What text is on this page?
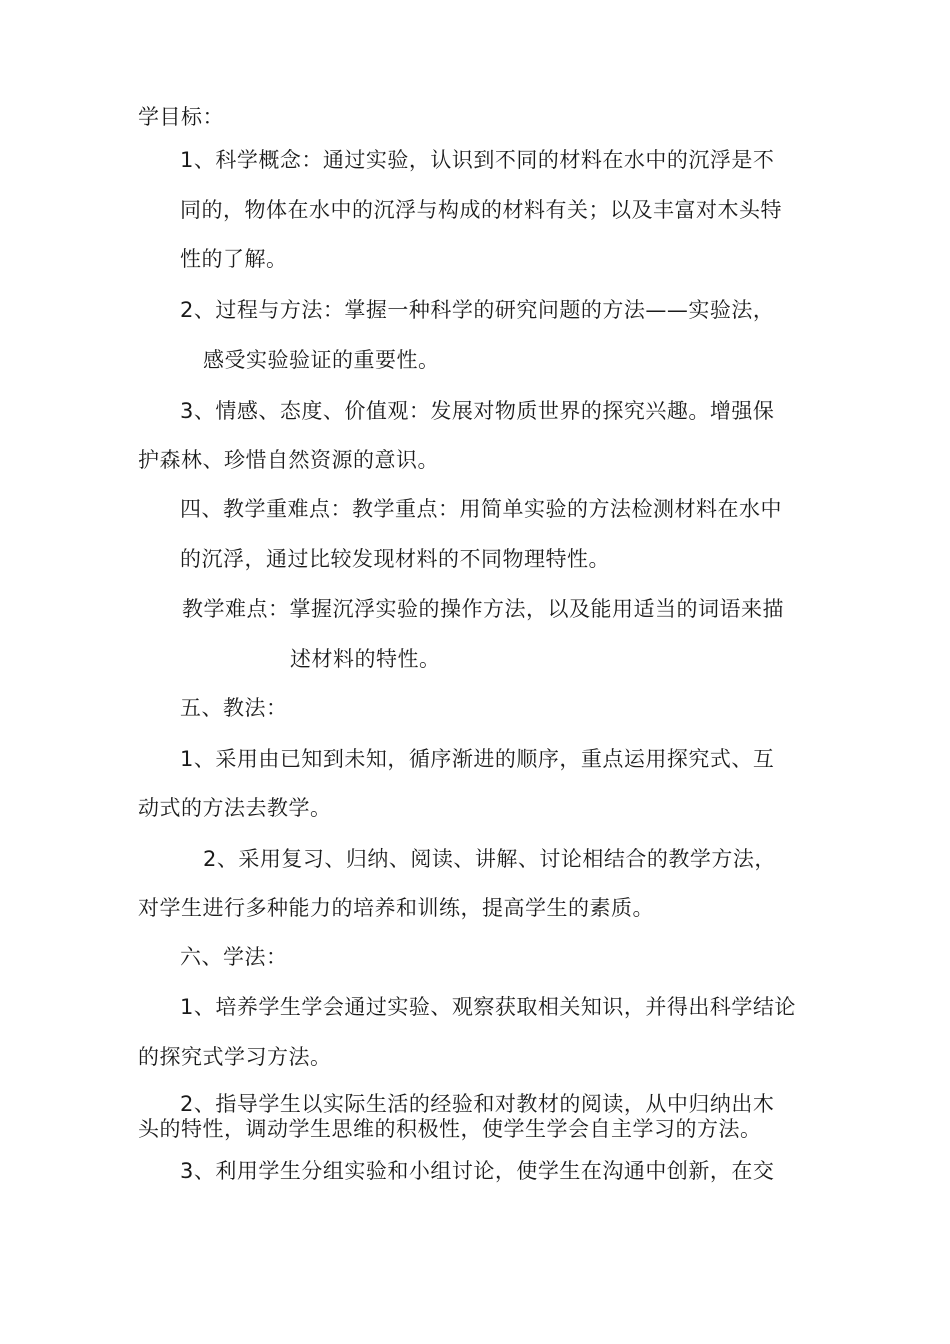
学目标：
1、科学概念：通过实验，认识到不同的材料在水中的沉浮是不
同的，物体在水中的沉浮与构成的材料有关；以及丰富对木头特
性的了解。
2、过程与方法：掌握一种科学的研究问题的方法——实验法，
感受实验验证的重要性。
3、情感、态度、价值观：发展对物质世界的探究兴趣。增强保
护森林、珍惜自然资源的意识。
四、教学重难点：教学重点：用简单实验的方法检测材料在水中
的沉浮，通过比较发现材料的不同物理特性。
教学难点：掌握沉浮实验的操作方法，以及能用适当的词语来描
述材料的特性。
五、教法：
1、采用由已知到未知，循序渐进的顺序，重点运用探究式、互
动式的方法去教学。
2、采用复习、归纳、阅读、讲解、讨论相结合的教学方法，
对学生进行多种能力的培养和训练，提高学生的素质。
六、学法：
1、培养学生学会通过实验、观察获取相关知识，并得出科学结论
的探究式学习方法。
2、指导学生以实际生活的经验和对教材的阅读，从中归纳出木
头的特性，调动学生思维的积极性，使学生学会自主学习的方法。
3、利用学生分组实验和小组讨论，使学生在沟通中创新，在交
